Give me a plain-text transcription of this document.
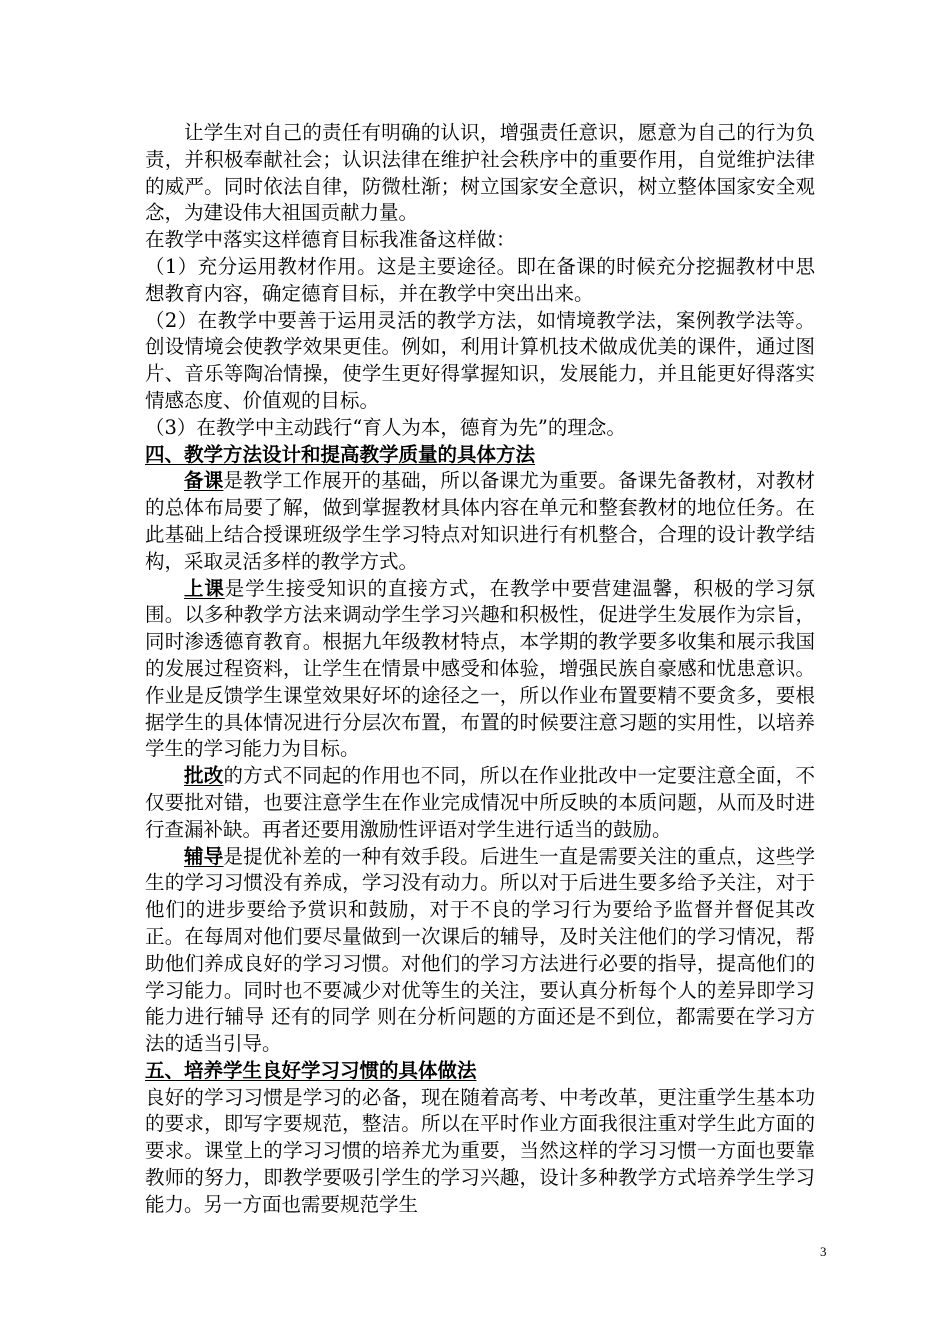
让学生对自己的责任有明确的认识，增强责任意识，愿意为自己的行为负责，并积极奉献社会；认识法律在维护社会秩序中的重要作用，自觉维护法律的威严。同时依法自律，防微杜渐；树立国家安全意识，树立整体国家安全观念，为建设伟大祖国贡献力量。

在教学中落实这样德育目标我准备这样做：

（1）充分运用教材作用。这是主要途径。即在备课的时候充分挖掘教材中思想教育内容，确定德育目标，并在教学中突出出来。

（2）在教学中要善于运用灵活的教学方法，如情境教学法，案例教学法等。创设情境会使教学效果更佳。例如，利用计算机技术做成优美的课件，通过图片、音乐等陶冶情操，使学生更好得掌握知识，发展能力，并且能更好得落实情感态度、价值观的目标。

（3）在教学中主动践行“育人为本，德育为先”的理念。

四、教学方法设计和提高教学质量的具体方法

备课是教学工作展开的基础，所以备课尤为重要。备课先备教材，对教材的总体布局要了解，做到掌握教材具体内容在单元和整套教材的地位任务。在此基础上结合授课班级学生学习特点对知识进行有机整合，合理的设计教学结构，采取灵活多样的教学方式。

上课是学生接受知识的直接方式，在教学中要营建温馨，积极的学习氛围。以多种教学方法来调动学生学习兴趣和积极性，促进学生发展作为宗旨，同时渗透德育教育。根据九年级教材特点，本学期的教学要多收集和展示我国的发展过程资料，让学生在情景中感受和体验，增强民族自豪感和忧患意识。 作业是反馈学生课堂效果好坏的途径之一，所以作业布置要精不要贪多，要根据学生的具体情况进行分层次布置，布置的时候要注意习题的实用性，以培养学生的学习能力为目标。

批改的方式不同起的作用也不同，所以在作业批改中一定要注意全面，不仅要批对错，也要注意学生在作业完成情况中所反映的本质问题，从而及时进行查漏补缺。再者还要用激励性评语对学生进行适当的鼓励。

辅导是提优补差的一种有效手段。后进生一直是需要关注的重点，这些学生的学习习惯没有养成，学习没有动力。所以对于后进生要多给予关注，对于他们的进步要给予赏识和鼓励，对于不良的学习行为要给予监督并督促其改正。在每周对他们要尽量做到一次课后的辅导，及时关注他们的学习情况，帮助他们养成良好的学习习惯。对他们的学习方法进行必要的指导，提高他们的学习能力。同时也不要减少对优等生的关注，要认真分析每个人的差异即学习能力进行辅导 还有的同学 则在分析问题的方面还是不到位，都需要在学习方法的适当引导。

五、培养学生良好学习习惯的具体做法

良好的学习习惯是学习的必备，现在随着高考、中考改革，更注重学生基本功的要求，即写字要规范，整洁。所以在平时作业方面我很注重对学生此方面的要求。课堂上的学习习惯的培养尤为重要，当然这样的学习习惯一方面也要靠教师的努力，即教学要吸引学生的学习兴趣，设计多种教学方式培养学生学习能力。另一方面也需要规范学生

3
